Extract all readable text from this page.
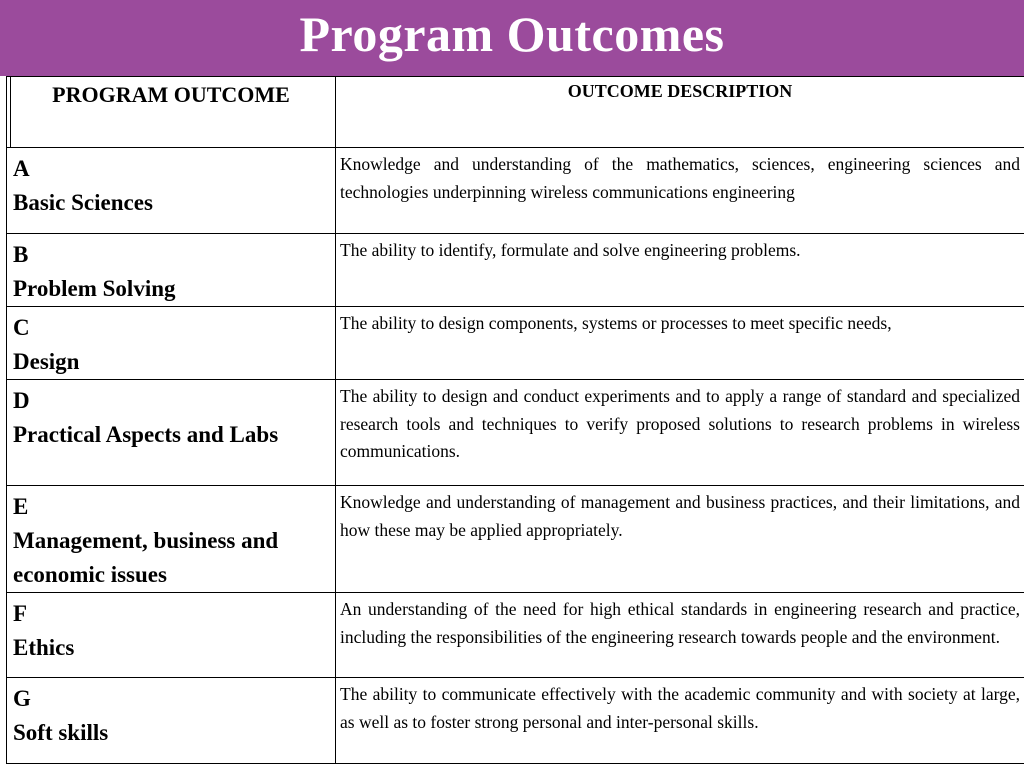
Program Outcomes
PROGRAM OUTCOME	OUTCOME DESCRIPTION

A
Basic Sciences	Knowledge and understanding of the mathematics, sciences, engineering sciences and technologies underpinning wireless communications engineering

B
Problem Solving	The ability to identify, formulate and solve engineering problems.

C
Design	The ability to design components, systems or processes to meet specific needs,

D
Practical Aspects and Labs	The ability to design and conduct experiments and to apply a range of standard and specialized research tools and techniques to verify proposed solutions to research problems in wireless communications.

E
Management, business and economic issues	Knowledge and understanding of management and business practices, and their limitations, and how these may be applied appropriately.

F
Ethics	An understanding of the need for high ethical standards in engineering research and practice, including the responsibilities of the engineering research towards people and the environment.

G
Soft skills	The ability to communicate effectively with the academic community and with society at large, as well as to foster strong personal and inter-personal skills.
